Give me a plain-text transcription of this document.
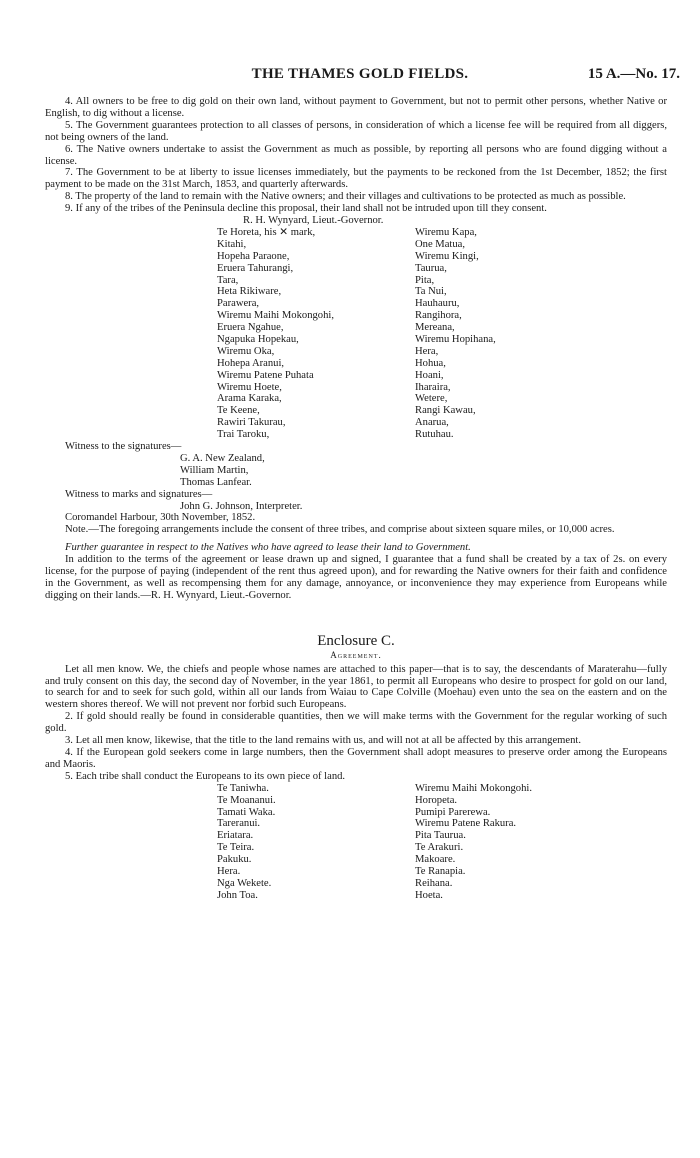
THE THAMES GOLD FIELDS.	15 A.—No. 17.

4. All owners to be free to dig gold on their own land, without payment to Government, but not to permit other persons, whether Native or English, to dig without a license.

5. The Government guarantees protection to all classes of persons, in consideration of which a license fee will be required from all diggers, not being owners of the land.

6. The Native owners undertake to assist the Government as much as possible, by reporting all persons who are found digging without a license.

7. The Government to be at liberty to issue licenses immediately, but the payments to be reckoned from the 1st December, 1852; the first payment to be made on the 31st March, 1853, and quarterly afterwards.

8. The property of the land to remain with the Native owners; and their villages and cultivations to be protected as much as possible.

9. If any of the tribes of the Peninsula decline this proposal, their land shall not be intruded upon till they consent.

R. H. Wynyard, Lieut.-Governor.
Te Horeta, his ✕ mark,	Wiremu Kapa,
Kitahi,	One Matua,
Hopeha Paraone,	Wiremu Kingi,
Eruera Tahurangi,	Taurua,
Tara,	Pita,
Heta Rikiware,	Ta Nui,
Parawera,	Hauhauru,
Wiremu Maihi Mokongohi,	Rangihora,
Eruera Ngahue,	Mereana,
Ngapuka Hopekau,	Wiremu Hopihana,
Wiremu Oka,	Hera,
Hohepa Aranui,	Hohua,
Wiremu Patene Puhata	Hoani,
Wiremu Hoete,	Iharaira,
Arama Karaka,	Wetere,
Te Keene,	Rangi Kawau,
Rawiri Takurau,	Anarua,
Trai Taroku,	Rutuhau.

Witness to the signatures—

G. A. New Zealand,

William Martin,

Thomas Lanfear.

Witness to marks and signatures—

John G. Johnson, Interpreter.

Coromandel Harbour, 30th November, 1852.

Note.—The foregoing arrangements include the consent of three tribes, and comprise about sixteen square miles, or 10,000 acres.

Further guarantee in respect to the Natives who have agreed to lease their land to Government.

In addition to the terms of the agreement or lease drawn up and signed, I guarantee that a fund shall be created by a tax of 2s. on every license, for the purpose of paying (independent of the rent thus agreed upon), and for rewarding the Native owners for their faith and confidence in the Government, as well as recompensing them for any damage, annoyance, or inconvenience they may experience from Europeans while digging on their lands.—R. H. Wynyard, Lieut.-Governor.

Enclosure C.
Agreement.

Let all men know. We, the chiefs and people whose names are attached to this paper—that is to say, the descendants of Maraterahu—fully and truly consent on this day, the second day of November, in the year 1861, to permit all Europeans who desire to prospect for gold on our land, to search for and to seek for such gold, within all our lands from Waiau to Cape Colville (Moehau) even unto the sea on the eastern and on the western shores thereof. We will not prevent nor forbid such Europeans.

2. If gold should really be found in considerable quantities, then we will make terms with the Government for the regular working of such gold.

3. Let all men know, likewise, that the title to the land remains with us, and will not at all be affected by this arrangement.

4. If the European gold seekers come in large numbers, then the Government shall adopt measures to preserve order among the Europeans and Maoris.

5. Each tribe shall conduct the Europeans to its own piece of land.

Te Taniwha.	Wiremu Maihi Mokongohi.
Te Moananui.	Horopeta.
Tamati Waka.	Pumipi Parerewa.
Tareranui.	Wiremu Patene Rakura.
Eriatara.	Pita Taurua.
Te Teira.	Te Arakuri.
Pakuku.	Makoare.
Hera.	Te Ranapia.
Nga Wekete.	Reihana.
John Toa.	Hoeta.
